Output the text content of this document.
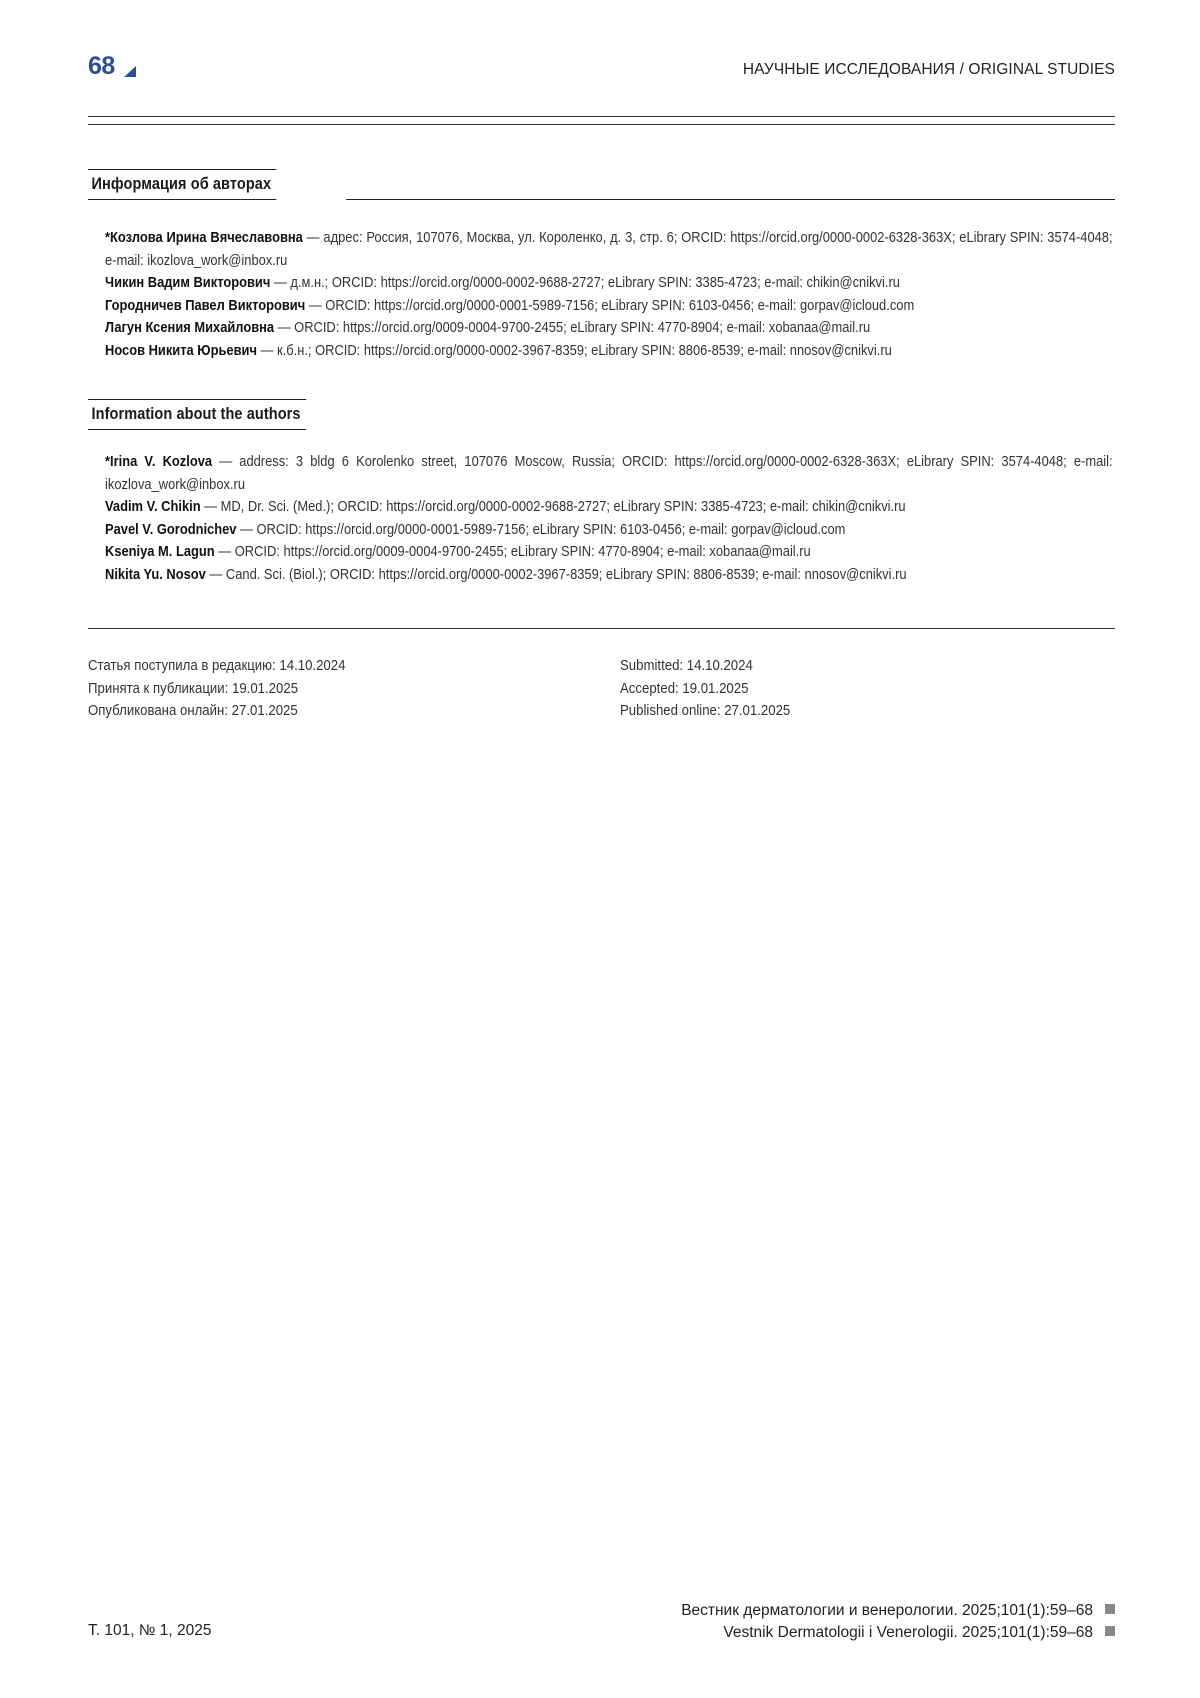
68	НАУЧНЫЕ ИССЛЕДОВАНИЯ / ORIGINAL STUDIES
Информация об авторах

*Козлова Ирина Вячеславовна — адрес: Россия, 107076, Москва, ул. Короленко, д. 3, стр. 6; ORCID: https://orcid.org/0000-0002-6328-363X; eLibrary SPIN: 3574-4048; e-mail: ikozlova_work@inbox.ru

Чикин Вадим Викторович — д.м.н.; ORCID: https://orcid.org/0000-0002-9688-2727; eLibrary SPIN: 3385-4723; e-mail: chikin@cnikvi.ru

Городничев Павел Викторович — ORCID: https://orcid.org/0000-0001-5989-7156; eLibrary SPIN: 6103-0456; e-mail: gorpav@icloud.com

Лагун Ксения Михайловна — ORCID: https://orcid.org/0009-0004-9700-2455; eLibrary SPIN: 4770-8904; e-mail: xobanaa@mail.ru

Носов Никита Юрьевич — к.б.н.; ORCID: https://orcid.org/0000-0002-3967-8359; eLibrary SPIN: 8806-8539; e-mail: nnosov@cnikvi.ru

Information about the authors

*Irina V. Kozlova — address: 3 bldg 6 Korolenko street, 107076 Moscow, Russia; ORCID: https://orcid.org/0000-0002-6328-363X; eLibrary SPIN: 3574-4048; e-mail: ikozlova_work@inbox.ru

Vadim V. Chikin — MD, Dr. Sci. (Med.); ORCID: https://orcid.org/0000-0002-9688-2727; eLibrary SPIN: 3385-4723; e-mail: chikin@cnikvi.ru

Pavel V. Gorodnichev — ORCID: https://orcid.org/0000-0001-5989-7156; eLibrary SPIN: 6103-0456; e-mail: gorpav@icloud.com

Kseniya M. Lagun — ORCID: https://orcid.org/0009-0004-9700-2455; eLibrary SPIN: 4770-8904; e-mail: xobanaa@mail.ru

Nikita Yu. Nosov — Cand. Sci. (Biol.); ORCID: https://orcid.org/0000-0002-3967-8359; eLibrary SPIN: 8806-8539; e-mail: nnosov@cnikvi.ru

Статья поступила в редакцию: 14.10.2024
Принята к публикации: 19.01.2025
Опубликована онлайн: 27.01.2025
Submitted: 14.10.2024
Accepted: 19.01.2025
Published online: 27.01.2025
Т. 101, № 1, 2025
Вестник дерматологии и венерологии. 2025;101(1):59–68
Vestnik Dermatologii i Venerologii. 2025;101(1):59–68
